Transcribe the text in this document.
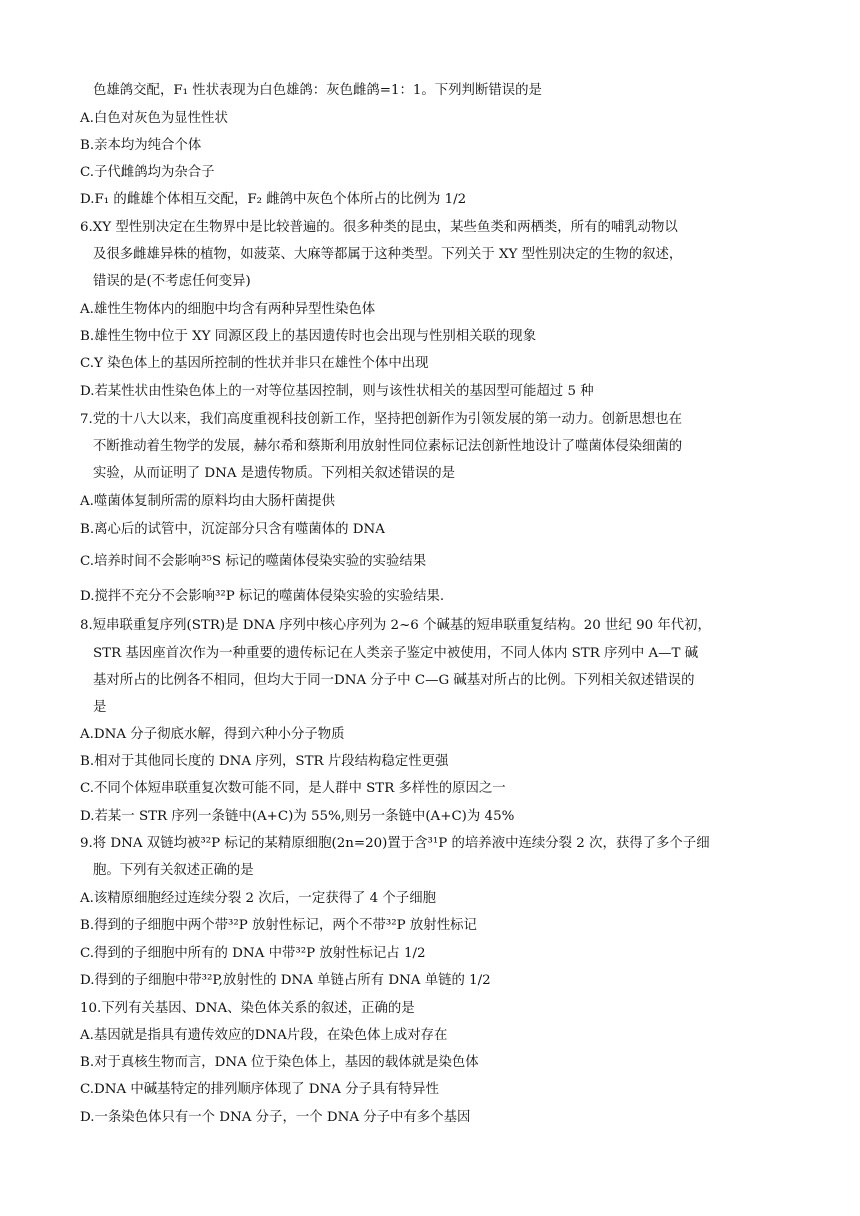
色雄鸽交配，F₁ 性状表现为白色雄鸽：灰色雌鸽=1：1。下列判断错误的是
A.白色对灰色为显性性状
B.亲本均为纯合个体
C.子代雌鸽均为杂合子
D.F₁ 的雌雄个体相互交配，F₂ 雌鸽中灰色个体所占的比例为 1/2
6.XY 型性别决定在生物界中是比较普遍的。很多种类的昆虫，某些鱼类和两栖类，所有的哺乳动物以
及很多雌雄异株的植物，如菠菜、大麻等都属于这种类型。下列关于 XY 型性别决定的生物的叙述，
错误的是(不考虑任何变异)
A.雄性生物体内的细胞中均含有两种异型性染色体
B.雄性生物中位于 XY 同源区段上的基因遗传时也会出现与性别相关联的现象
C.Y 染色体上的基因所控制的性状并非只在雄性个体中出现
D.若某性状由性染色体上的一对等位基因控制，则与该性状相关的基因型可能超过 5 种
7.党的十八大以来，我们高度重视科技创新工作，坚持把创新作为引领发展的第一动力。创新思想也在
不断推动着生物学的发展，赫尔希和蔡斯利用放射性同位素标记法创新性地设计了噬菌体侵染细菌的
实验，从而证明了 DNA 是遗传物质。下列相关叙述错误的是
A.噬菌体复制所需的原料均由大肠杆菌提供
B.离心后的试管中，沉淀部分只含有噬菌体的 DNA
C.培养时间不会影响³⁵S 标记的噬菌体侵染实验的实验结果
D.搅拌不充分不会影响³²P 标记的噬菌体侵染实验的实验结果.
8.短串联重复序列(STR)是 DNA 序列中核心序列为 2~6 个碱基的短串联重复结构。20 世纪 90 年代初，
STR 基因座首次作为一种重要的遗传标记在人类亲子鉴定中被使用，不同人体内 STR 序列中 A—T 碱
基对所占的比例各不相同，但均大于同一DNA 分子中 C—G 碱基对所占的比例。下列相关叙述错误的
是
A.DNA 分子彻底水解，得到六种小分子物质
B.相对于其他同长度的 DNA 序列，STR 片段结构稳定性更强
C.不同个体短串联重复次数可能不同，是人群中 STR 多样性的原因之一
D.若某一 STR 序列一条链中(A+C)为 55%,则另一条链中(A+C)为 45%
9.将 DNA 双链均被³²P 标记的某精原细胞(2n=20)置于含³¹P 的培养液中连续分裂 2 次，获得了多个子细
胞。下列有关叙述正确的是
A.该精原细胞经过连续分裂 2 次后，一定获得了 4 个子细胞
B.得到的子细胞中两个带³²P 放射性标记，两个不带³²P 放射性标记
C.得到的子细胞中所有的 DNA 中带³²P 放射性标记占 1/2
D.得到的子细胞中带³²P,放射性的 DNA 单链占所有 DNA 单链的 1/2
10.下列有关基因、DNA、染色体关系的叙述，正确的是
A.基因就是指具有遗传效应的DNA片段，在染色体上成对存在
B.对于真核生物而言，DNA 位于染色体上，基因的载体就是染色体
C.DNA 中碱基特定的排列顺序体现了 DNA 分子具有特异性
D.一条染色体只有一个 DNA 分子，一个 DNA 分子中有多个基因
